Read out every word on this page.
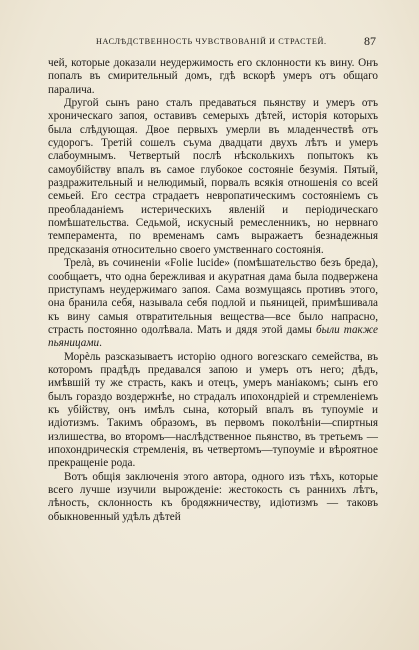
НАСЛѢДСТВЕННОСТЬ ЧУВСТВОВАНІЙ И СТРАСТЕЙ.	87

чей, которые доказали неудержимость его склонности къ вину. Онъ попалъ въ смирительный домъ, гдѣ вскорѣ умеръ отъ общаго паралича.

Другой сынъ рано сталъ предаваться пьянству и умеръ отъ хроническаго запоя, оставивъ семерыхъ дѣтей, исторія которыхъ была слѣдующая. Двое первыхъ умерли въ младенчествѣ отъ судорогъ. Третій сошелъ съума двадцати двухъ лѣтъ и умеръ слабоумнымъ. Четвертый послѣ нѣсколькихъ попытокъ къ самоубійству впалъ въ самое глубокое состояніе безумія. Пятый, раздражительный и нелюдимый, порвалъ всякія отношенія со всей семьей. Его сестра страдаетъ невропатическимъ состояніемъ съ преобладаніемъ истерическихъ явленій и періодическаго помѣшательства. Седьмой, искусный ремесленникъ, но нервнаго темперамента, по временамъ самъ выражаетъ безнадежныя предсказанія относительно своего умственнаго состоянія.

Трелà, въ сочиненіи «Folie lucide» (помѣшательство безъ бреда), сообщаетъ, что одна бережливая и акуратная дама была подвержена приступамъ неудержимаго запоя. Сама возмущаясь противъ этого, она бранила себя, называла себя подлой и пьяницей, примѣшивала къ вину самыя отвратительныя вещества—все было напрасно, страсть постоянно одолѣвала. Мать и дядя этой дамы были также пьяницами.

Морèль разсказываетъ исторію одного вогезскаго семейства, въ которомъ прадѣдъ предавался запою и умеръ отъ него; дѣдъ, имѣвшій ту же страсть, какъ и отецъ, умеръ маніакомъ; сынъ его былъ гораздо воздержнѣе, но страдалъ ипохондріей и стремленіемъ къ убійству, онъ имѣлъ сына, который впалъ въ тупоуміе и идіотизмъ. Такимъ образомъ, въ первомъ поколѣніи—спиртныя излишества, во второмъ—наслѣдственное пьянство, въ третьемъ — ипохондрическія стремленія, въ четвертомъ—тупоуміе и вѣроятное прекращеніе рода.

Вотъ общія заключенія этого автора, одного изъ тѣхъ, которые всего лучше изучили вырожденіе: жестокость съ раннихъ лѣтъ, лѣность, склонность къ бродяжничеству, идіотизмъ — таковъ обыкновенный удѣлъ дѣтей
